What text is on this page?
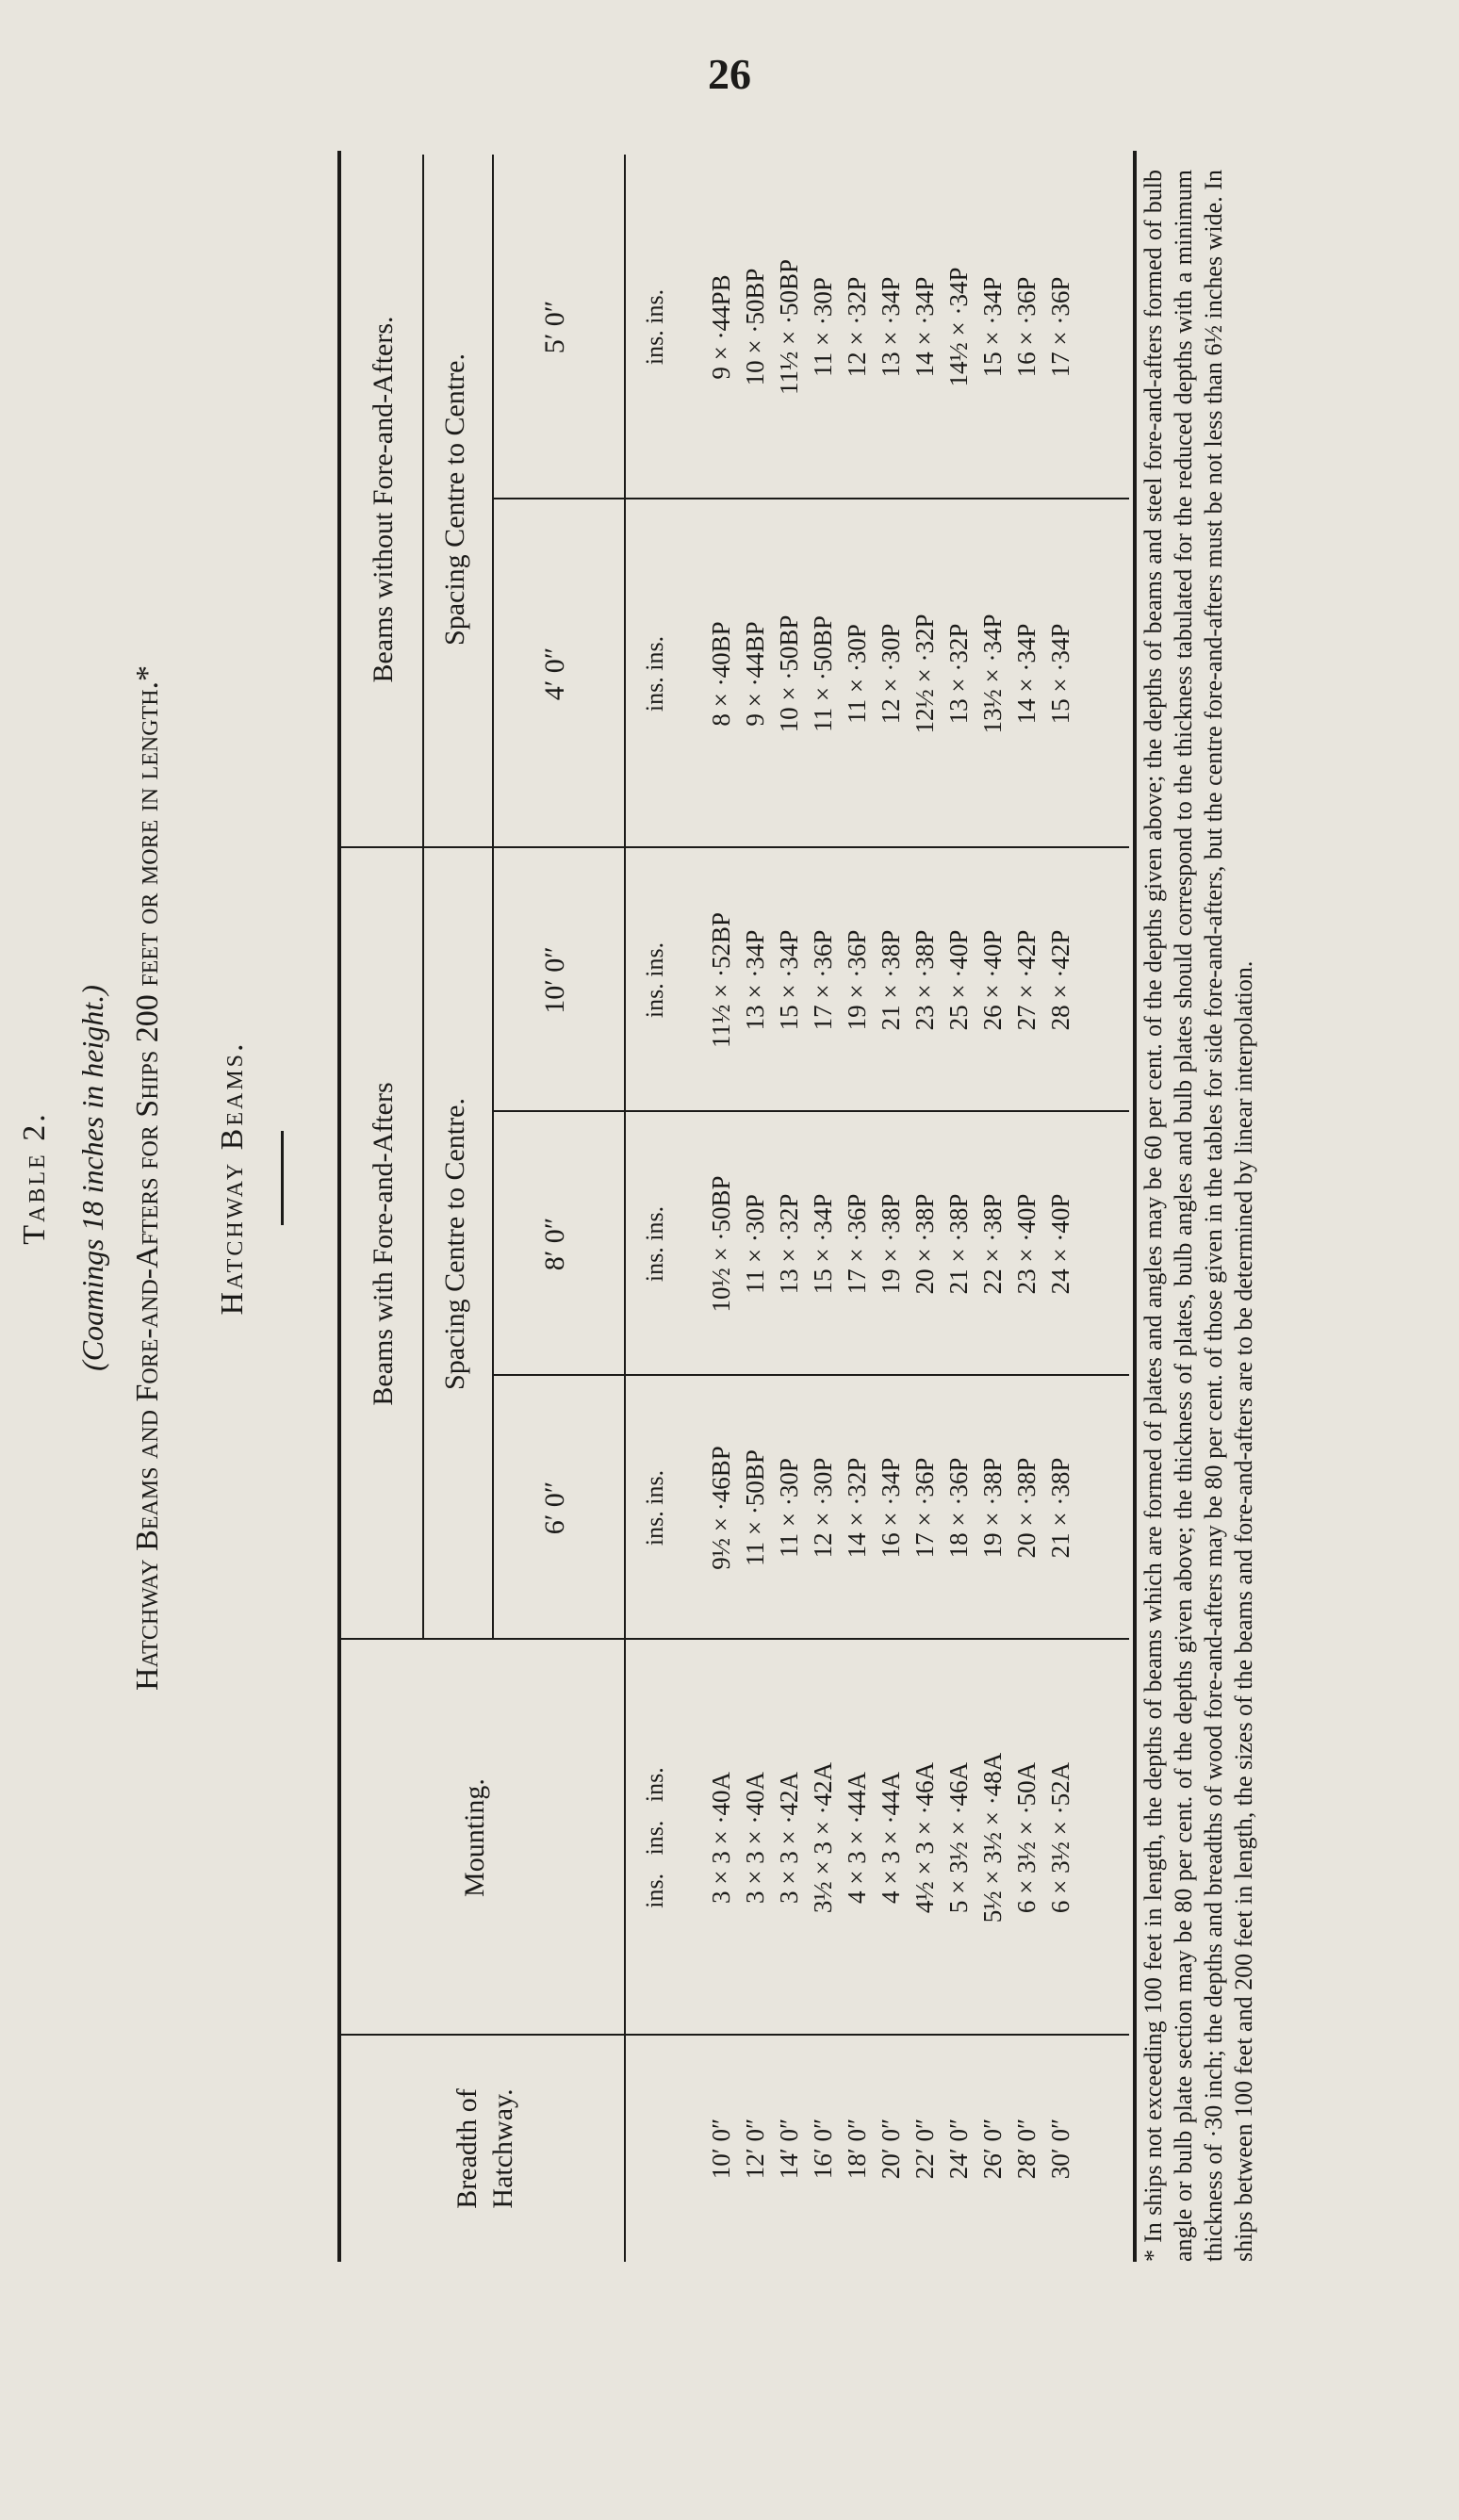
26
Table 2. (Coamings 18 inches in height.) Hatchway Beams and Fore-and-Afters for Ships 200 feet or more in length.* Hatchway Beams.
Breadth of Hatchway.
Mounting.
Beams with Fore-and-Afters
Beams without Fore-and-Afters.
Spacing Centre to Centre.
Spacing Centre to Centre.
6′ 0″
8′ 0″
10′ 0″
4′ 0″
5′ 0″
ins.   ins.   ins.
ins. ins.
ins. ins.
ins. ins.
ins. ins.
ins. ins.
10′ 0″ 12′ 0″ 14′ 0″ 16′ 0″ 18′ 0″ 20′ 0″ 22′ 0″ 24′ 0″ 26′ 0″ 28′ 0″ 30′ 0″
3 × 3 × ·40A 3 × 3 × ·40A 3 × 3 × ·42A 3½ × 3 × ·42A 4 × 3 × ·44A 4 × 3 × ·44A 4½ × 3 × ·46A 5 × 3½ × ·46A 5½ × 3½ × ·48A 6 × 3½ × ·50A 6 × 3½ × ·52A
9½ × ·46BP 11 × ·50BP 11 × ·30P 12 × ·30P 14 × ·32P 16 × ·34P 17 × ·36P 18 × ·36P 19 × ·38P 20 × ·38P 21 × ·38P
10½ × ·50BP 11 × ·30P 13 × ·32P 15 × ·34P 17 × ·36P 19 × ·38P 20 × ·38P 21 × ·38P 22 × ·38P 23 × ·40P 24 × ·40P
11½ × ·52BP 13 × ·34P 15 × ·34P 17 × ·36P 19 × ·36P 21 × ·38P 23 × ·38P 25 × ·40P 26 × ·40P 27 × ·42P 28 × ·42P
8 × ·40BP 9 × ·44BP 10 × ·50BP 11 × ·50BP 11 × ·30P 12 × ·30P 12½ × ·32P 13 × ·32P 13½ × ·34P 14 × ·34P 15 × ·34P
9 × ·44PB 10 × ·50BP 11½ × ·50BP 11 × ·30P 12 × ·32P 13 × ·34P 14 × ·34P 14½ × ·34P 15 × ·34P 16 × ·36P 17 × ·36P	* In ships not exceeding 100 feet in length, the depths of beams which are formed of plates and angles may be 60 per cent. of the depths given above; the depths of beams and steel fore-and-afters formed of bulb angle or bulb plate section may be 80 per cent. of the depths given above; the thickness of plates, bulb angles and bulb plates should correspond to the thickness tabulated for the reduced depths with a minimum thickness of ·30 inch; the depths and breadths of wood fore-and-afters may be 80 per cent. of those given in the tables for side fore-and-afters, but the centre fore-and-afters must be not less than 6½ inches wide. In ships between 100 feet and 200 feet in length, the sizes of the beams and fore-and-afters are to be determined by linear interpolation.
